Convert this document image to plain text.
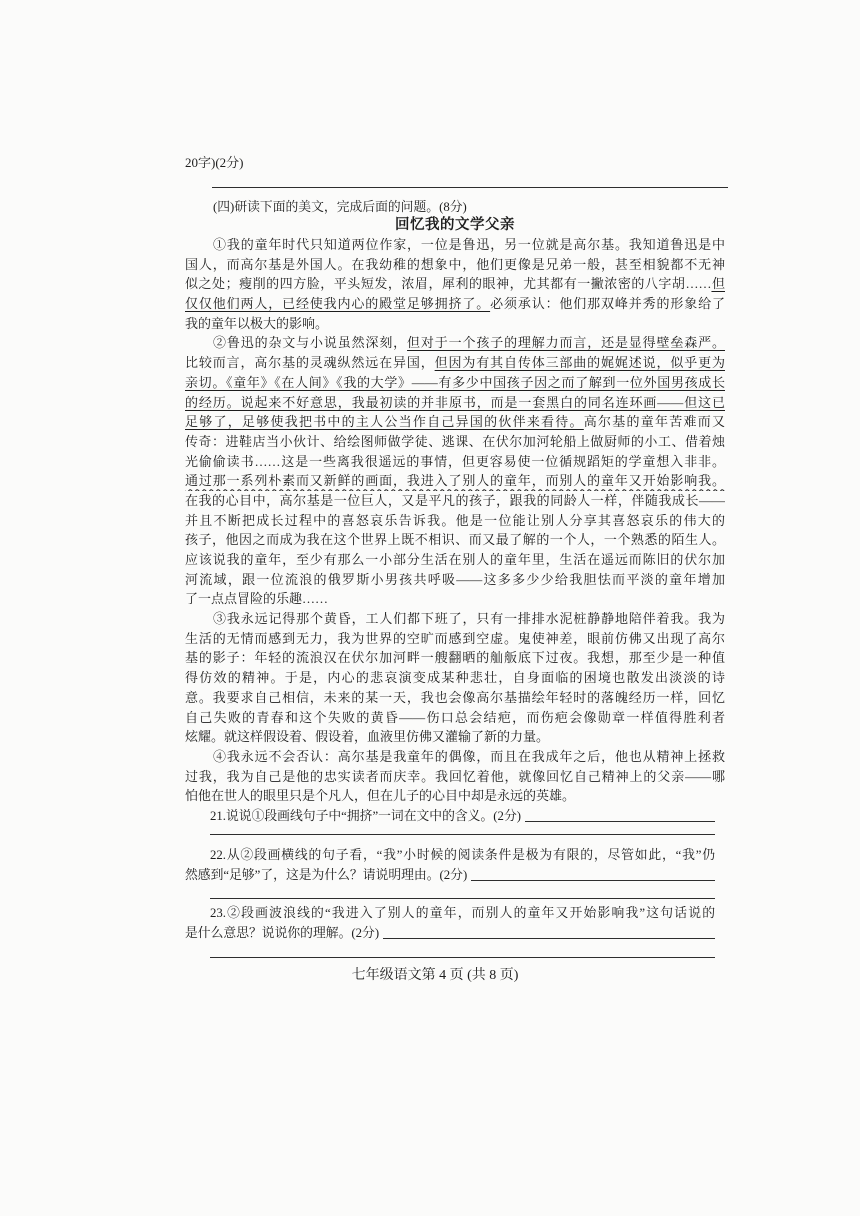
20字)(2分)
(四)研读下面的美文，完成后面的问题。(8分)
回忆我的文学父亲
①我的童年时代只知道两位作家，一位是鲁迅，另一位就是高尔基。我知道鲁迅是中
国人，而高尔基是外国人。在我幼稚的想象中，他们更像是兄弟一般，甚至相貌都不无神
似之处；瘦削的四方脸，平头短发，浓眉，犀利的眼神，尤其都有一撇浓密的八字胡……但
仅仅他们两人，已经使我内心的殿堂足够拥挤了。必须承认：他们那双峰并秀的形象给了
我的童年以极大的影响。
②鲁迅的杂文与小说虽然深刻，但对于一个孩子的理解力而言，还是显得壁垒森严。
比较而言，高尔基的灵魂纵然远在异国，但因为有其自传体三部曲的娓娓述说，似乎更为
亲切。《童年》《在人间》《我的大学》——有多少中国孩子因之而了解到一位外国男孩成长
的经历。说起来不好意思，我最初读的并非原书，而是一套黑白的同名连环画——但这已
足够了，足够使我把书中的主人公当作自己异国的伙伴来看待。高尔基的童年苦难而又
传奇：进鞋店当小伙计、给绘图师做学徒、逃课、在伏尔加河轮船上做厨师的小工、借着烛
光偷偷读书……这是一些离我很遥远的事情，但更容易使一位循规蹈矩的学童想入非非。
通过那一系列朴素而又新鲜的画面，我进入了别人的童年，而别人的童年又开始影响我。
在我的心目中，高尔基是一位巨人，又是平凡的孩子，跟我的同龄人一样，伴随我成长——
并且不断把成长过程中的喜怒哀乐告诉我。他是一位能让别人分享其喜怒哀乐的伟大的
孩子，他因之而成为我在这个世界上既不相识、而又最了解的一个人，一个熟悉的陌生人。
应该说我的童年，至少有那么一小部分生活在别人的童年里，生活在遥远而陈旧的伏尔加
河流域，跟一位流浪的俄罗斯小男孩共呼吸——这多多少少给我胆怯而平淡的童年增加
了一点点冒险的乐趣……
③我永远记得那个黄昏，工人们都下班了，只有一排排水泥桩静静地陪伴着我。我为
生活的无情而感到无力，我为世界的空旷而感到空虚。鬼使神差，眼前仿佛又出现了高尔
基的影子：年轻的流浪汉在伏尔加河畔一艘翻晒的舢舨底下过夜。我想，那至少是一种值
得仿效的精神。于是，内心的悲哀演变成某种悲壮，自身面临的困境也散发出淡淡的诗
意。我要求自己相信，未来的某一天，我也会像高尔基描绘年轻时的落魄经历一样，回忆
自己失败的青春和这个失败的黄昏——伤口总会结疤，而伤疤会像勋章一样值得胜利者
炫耀。就这样假设着、假设着，血液里仿佛又灌输了新的力量。
④我永远不会否认：高尔基是我童年的偶像，而且在我成年之后，他也从精神上拯救
过我，我为自己是他的忠实读者而庆幸。我回忆着他，就像回忆自己精神上的父亲——哪
怕他在世人的眼里只是个凡人，但在儿子的心目中却是永远的英雄。
21.说说①段画线句子中“拥挤”一词在文中的含义。(2分)
22.从②段画横线的句子看，“我”小时候的阅读条件是极为有限的，尽管如此，“我”仍
然感到“足够”了，这是为什么？请说明理由。(2分)
23.②段画波浪线的“我进入了别人的童年，而别人的童年又开始影响我”这句话说的
是什么意思？说说你的理解。(2分)
七年级语文第 4 页 (共 8 页)
